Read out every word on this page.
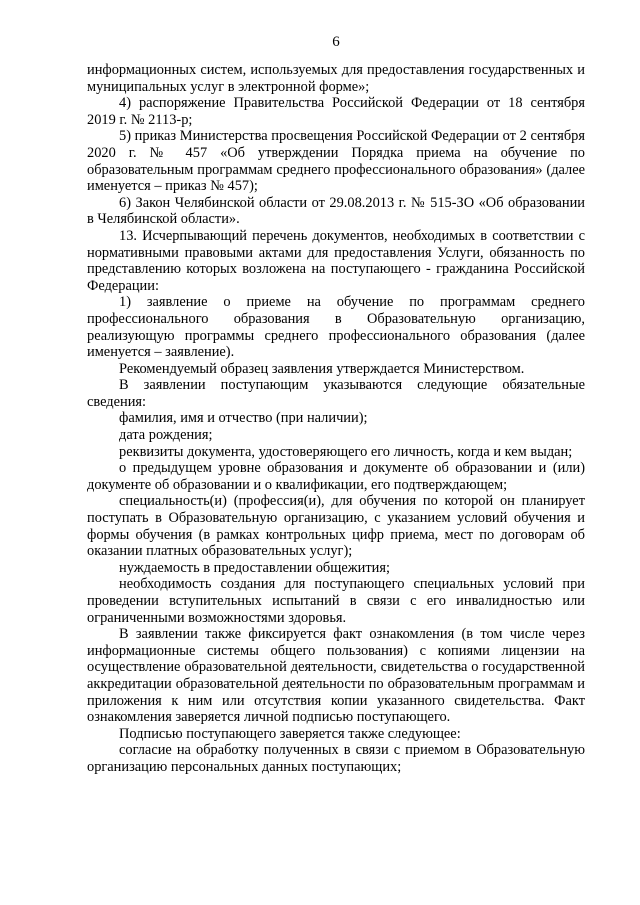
6

информационных систем, используемых для предоставления государственных и муниципальных услуг в электронной форме»;

4) распоряжение Правительства Российской Федерации от 18 сентября 2019 г. № 2113-р;

5) приказ Министерства просвещения Российской Федерации от 2 сентября 2020 г. № 457 «Об утверждении Порядка приема на обучение по образовательным программам среднего профессионального образования» (далее именуется – приказ № 457);

6) Закон Челябинской области от 29.08.2013 г. № 515-ЗО «Об образовании в Челябинской области».

13. Исчерпывающий перечень документов, необходимых в соответствии с нормативными правовыми актами для предоставления Услуги, обязанность по представлению которых возложена на поступающего - гражданина Российской Федерации:

1) заявление о приеме на обучение по программам среднего профессионального образования в Образовательную организацию, реализующую программы среднего профессионального образования (далее именуется – заявление).

Рекомендуемый образец заявления утверждается Министерством.

В заявлении поступающим указываются следующие обязательные сведения:

фамилия, имя и отчество (при наличии);

дата рождения;

реквизиты документа, удостоверяющего его личность, когда и кем выдан;

о предыдущем уровне образования и документе об образовании и (или) документе об образовании и о квалификации, его подтверждающем;

специальность(и) (профессия(и), для обучения по которой он планирует поступать в Образовательную организацию, с указанием условий обучения и формы обучения (в рамках контрольных цифр приема, мест по договорам об оказании платных образовательных услуг);

нуждаемость в предоставлении общежития;

необходимость создания для поступающего специальных условий при проведении вступительных испытаний в связи с его инвалидностью или ограниченными возможностями здоровья.

В заявлении также фиксируется факт ознакомления (в том числе через информационные системы общего пользования) с копиями лицензии на осуществление образовательной деятельности, свидетельства о государственной аккредитации образовательной деятельности по образовательным программам и приложения к ним или отсутствия копии указанного свидетельства. Факт ознакомления заверяется личной подписью поступающего.

Подписью поступающего заверяется также следующее:

согласие на обработку полученных в связи с приемом в Образовательную организацию персональных данных поступающих;
